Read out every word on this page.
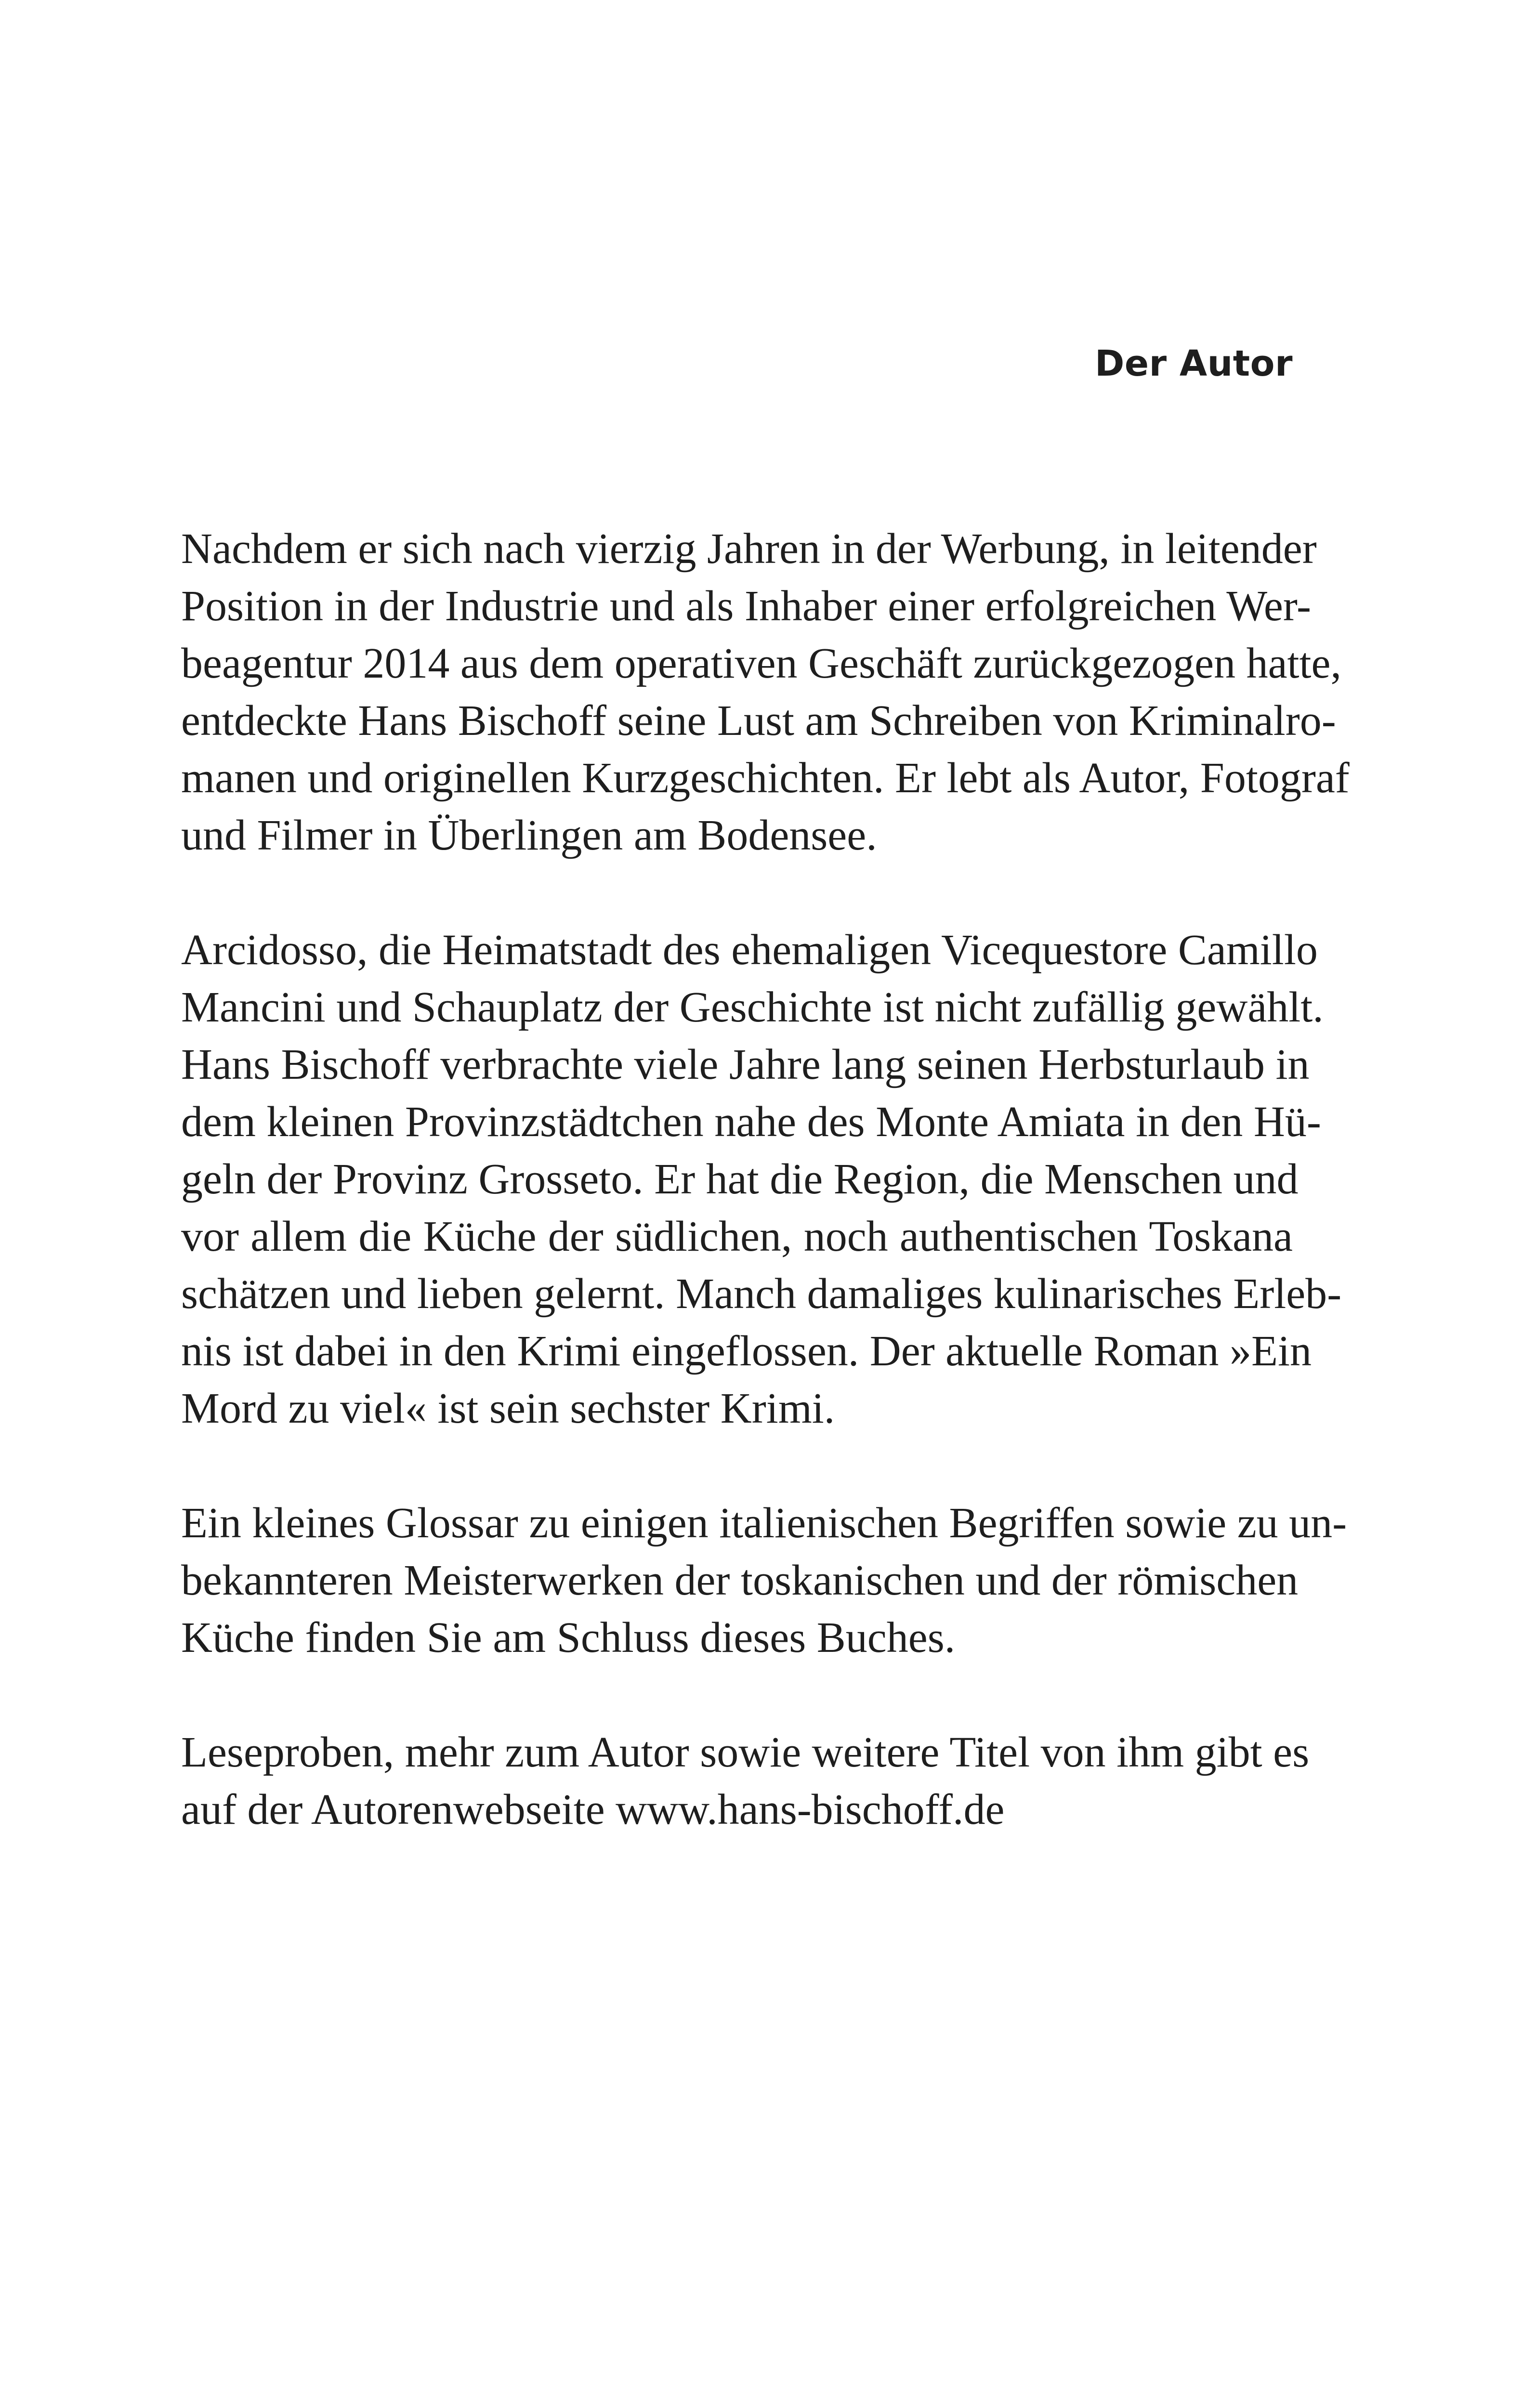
Der Autor

Nachdem er sich nach vierzig Jahren in der Werbung, in leitender
Position in der Industrie und als Inhaber einer erfolgreichen Wer-
beagentur 2014 aus dem operativen Geschäft zurückgezogen hatte,
entdeckte Hans Bischoff seine Lust am Schreiben von Kriminalro-
manen und originellen Kurzgeschichten. Er lebt als Autor, Fotograf
und Filmer in Überlingen am Bodensee.

Arcidosso, die Heimatstadt des ehemaligen Vicequestore Camillo
Mancini und Schauplatz der Geschichte ist nicht zufällig gewählt.
Hans Bischoff verbrachte viele Jahre lang seinen Herbsturlaub in
dem kleinen Provinzstädtchen nahe des Monte Amiata in den Hü-
geln der Provinz Grosseto. Er hat die Region, die Menschen und
vor allem die Küche der südlichen, noch authentischen Toskana
schätzen und lieben gelernt. Manch damaliges kulinarisches Erleb-
nis ist dabei in den Krimi eingeflossen. Der aktuelle Roman »Ein
Mord zu viel« ist sein sechster Krimi.

Ein kleines Glossar zu einigen italienischen Begriffen sowie zu un-
bekannteren Meisterwerken der toskanischen und der römischen
Küche finden Sie am Schluss dieses Buches.

Leseproben, mehr zum Autor sowie weitere Titel von ihm gibt es
auf der Autorenwebseite www.hans-bischoff.de
